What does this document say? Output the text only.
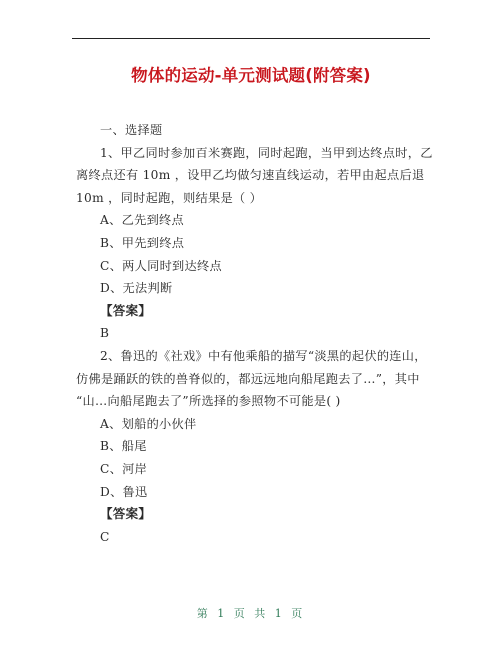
物体的运动-单元测试题(附答案)
一、选择题
1、甲乙同时参加百米赛跑，同时起跑，当甲到达终点时，乙
离终点还有 10m ，设甲乙均做匀速直线运动，若甲由起点后退
10m ，同时起跑，则结果是（ ）
A、乙先到终点
B、甲先到终点
C、两人同时到达终点
D、无法判断
【答案】
B
2、鲁迅的《社戏》中有他乘船的描写“淡黑的起伏的连山，
仿佛是踊跃的铁的兽脊似的，都远远地向船尾跑去了…”，其中
“山…向船尾跑去了”所选择的参照物不可能是( )
A、划船的小伙伴
B、船尾
C、河岸
D、鲁迅
【答案】
C
第 1 页 共 1 页
